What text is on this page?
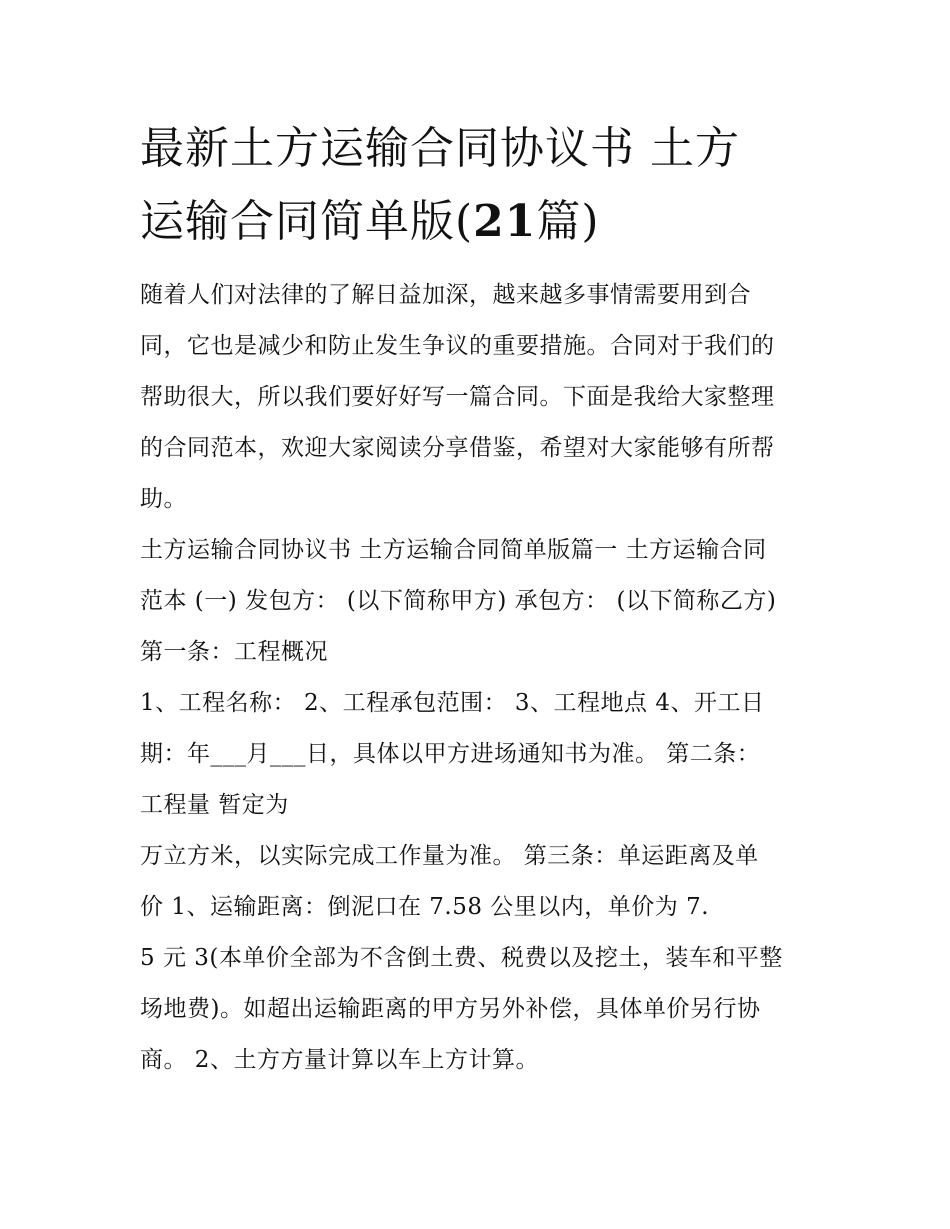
最新土方运输合同协议书 土方
运输合同简单版(21篇)
随着人们对法律的了解日益加深，越来越多事情需要用到合
同，它也是减少和防止发生争议的重要措施。合同对于我们的
帮助很大，所以我们要好好写一篇合同。下面是我给大家整理
的合同范本，欢迎大家阅读分享借鉴，希望对大家能够有所帮
助。
土方运输合同协议书 土方运输合同简单版篇一 土方运输合同
范本 (一) 发包方： (以下简称甲方) 承包方： (以下简称乙方)
第一条：工程概况
1、工程名称： 2、工程承包范围： 3、工程地点 4、开工日
期：年___月___日，具体以甲方进场通知书为准。 第二条：
工程量 暂定为
万立方米，以实际完成工作量为准。 第三条：单运距离及单
价 1、运输距离：倒泥口在 7.58 公里以内，单价为 7.
5 元 3(本单价全部为不含倒土费、税费以及挖土，装车和平整
场地费)。如超出运输距离的甲方另外补偿，具体单价另行协
商。 2、土方方量计算以车上方计算。
